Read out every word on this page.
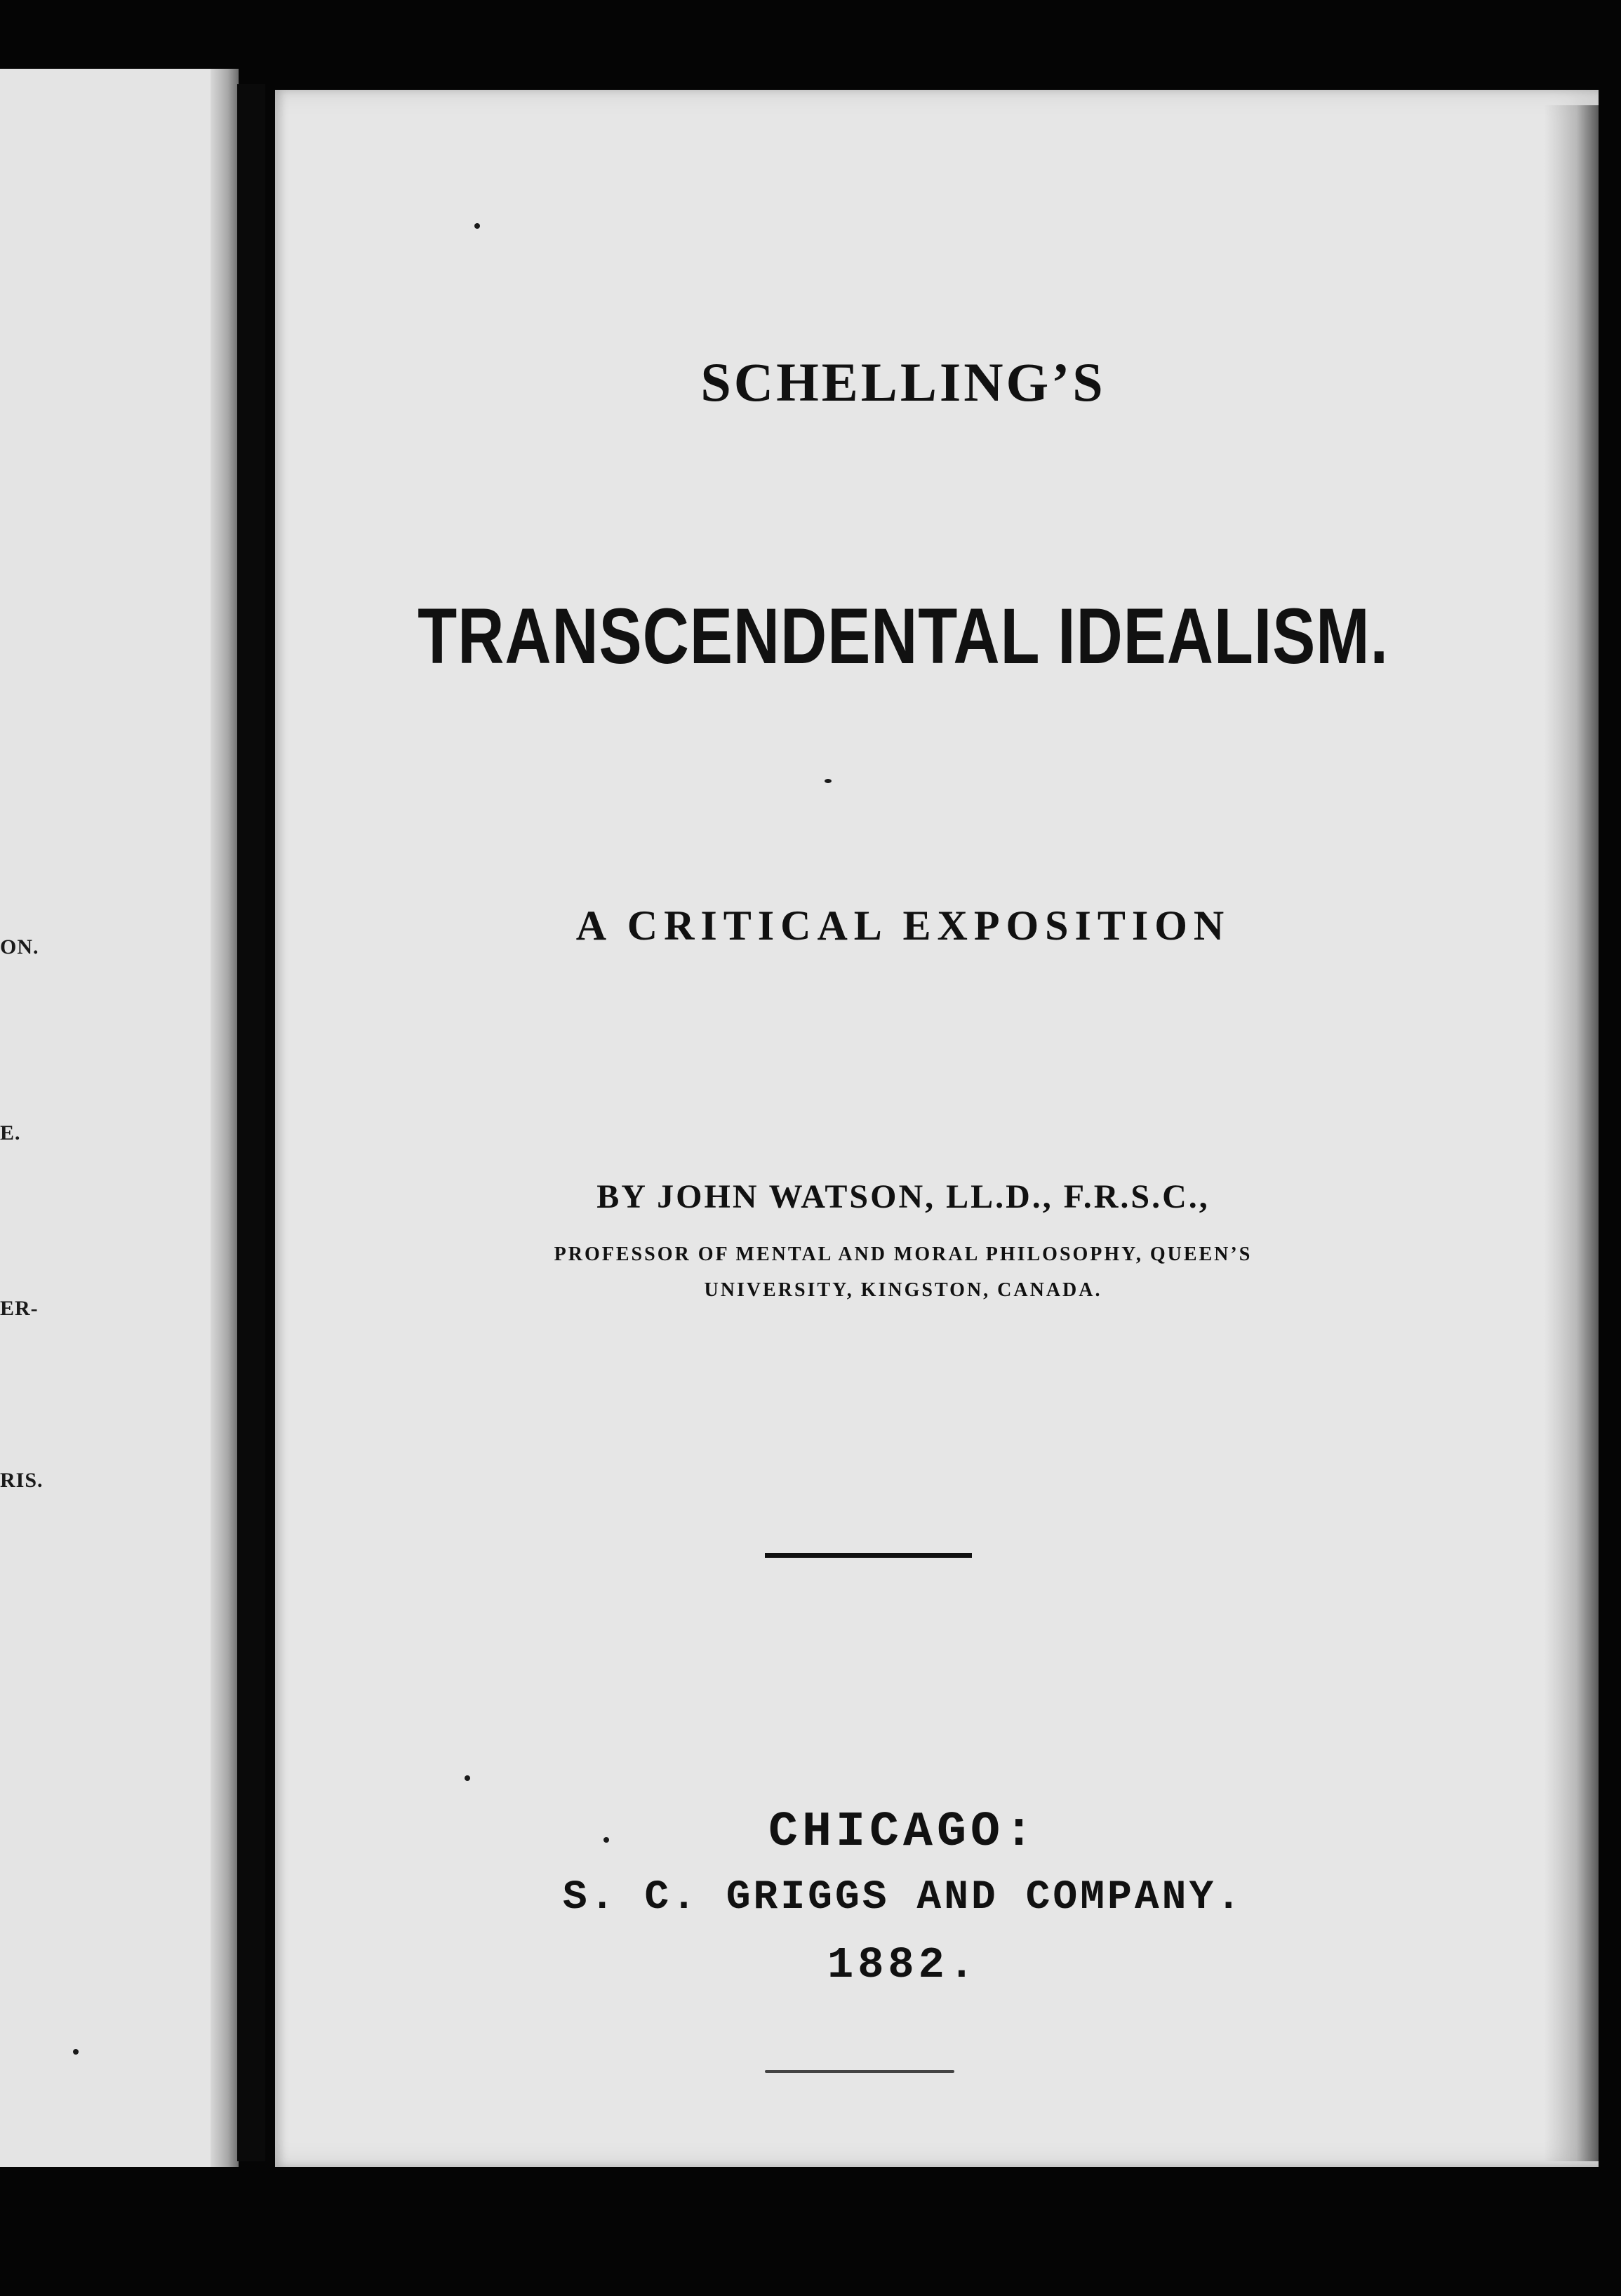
ON.
E.
ER-
RIS.
SCHELLING’S
TRANSCENDENTAL IDEALISM.
A CRITICAL EXPOSITION
BY JOHN WATSON, LL.D., F.R.S.C.,
PROFESSOR OF MENTAL AND MORAL PHILOSOPHY, QUEEN’S
UNIVERSITY, KINGSTON, CANADA.
CHICAGO:
S. C. GRIGGS AND COMPANY.
1882.
